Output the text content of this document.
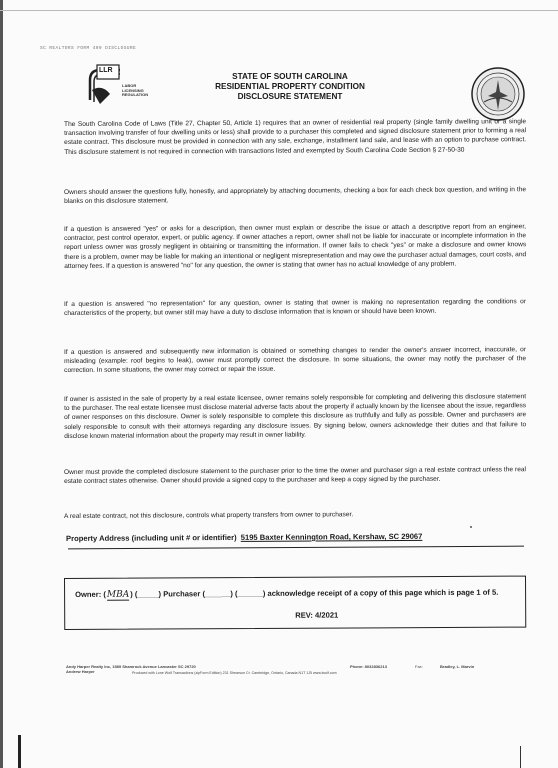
SC REALTORS FORM 400 DISCLOSURE
LABOR
LICENSING
REGULATION
LLR
STATE OF SOUTH CAROLINA
RESIDENTIAL PROPERTY CONDITION
DISCLOSURE STATEMENT
The South Carolina Code of Laws (Title 27, Chapter 50, Article 1) requires that an owner of residential real property (single family dwelling unit or a single transaction involving transfer of four dwelling units or less) shall provide to a purchaser this completed and signed disclosure statement prior to forming a real estate contract. This disclosure must be provided in connection with any sale, exchange, installment land sale, and lease with an option to purchase contract. This disclosure statement is not required in connection with transactions listed and exempted by South Carolina Code Section § 27-50-30
Owners should answer the questions fully, honestly, and appropriately by attaching documents, checking a box for each check box question, and writing in the blanks on this disclosure statement.
If a question is answered "yes" or asks for a description, then owner must explain or describe the issue or attach a descriptive report from an engineer, contractor, pest control operator, expert, or public agency. If owner attaches a report, owner shall not be liable for inaccurate or incomplete information in the report unless owner was grossly negligent in obtaining or transmitting the information. If owner fails to check "yes" or make a disclosure and owner knows there is a problem, owner may be liable for making an intentional or negligent misrepresentation and may owe the purchaser actual damages, court costs, and attorney fees. If a question is answered "no" for any question, the owner is stating that owner has no actual knowledge of any problem.
If a question is answered "no representation" for any question, owner is stating that owner is making no representation regarding the conditions or characteristics of the property, but owner still may have a duty to disclose information that is known or should have been known.
If a question is answered and subsequently new information is obtained or something changes to render the owner's answer incorrect, inaccurate, or misleading (example: roof begins to leak), owner must promptly correct the disclosure. In some situations, the owner may notify the purchaser of the correction. In some situations, the owner may correct or repair the issue.
If owner is assisted in the sale of property by a real estate licensee, owner remains solely responsible for completing and delivering this disclosure statement to the purchaser. The real estate licensee must disclose material adverse facts about the property if actually known by the licensee about the issue, regardless of owner responses on this disclosure. Owner is solely responsible to complete this disclosure as truthfully and fully as possible. Owner and purchasers are solely responsible to consult with their attorneys regarding any disclosure issues. By signing below, owners acknowledge their duties and that failure to disclose known material information about the property may result in owner liability.
Owner must provide the completed disclosure statement to the purchaser prior to the time the owner and purchaser sign a real estate contract unless the real estate contract states otherwise. Owner should provide a signed copy to the purchaser and keep a copy signed by the purchaser.
A real estate contract, not this disclosure, controls what property transfers from owner to purchaser.
Property Address (including unit # or identifier) 5195 Baxter Kennington Road, Kershaw, SC 29067
Owner: (MBA) (_____) Purchaser (______) (______) acknowledge receipt of a copy of this page which is page 1 of 5.
REV: 4/2021
Andy Harper Realty Inc, 1589 Shamrock Avenue Lancaster SC 29720
Andrew Harper
Phone: 8032836213	Fax:	Bradley, L. Marvin
Produced with Lone Wolf Transactions (zipForm Edition) 231 Shearson Cr. Cambridge, Ontario, Canada N1T 1J5 www.lwolf.com
